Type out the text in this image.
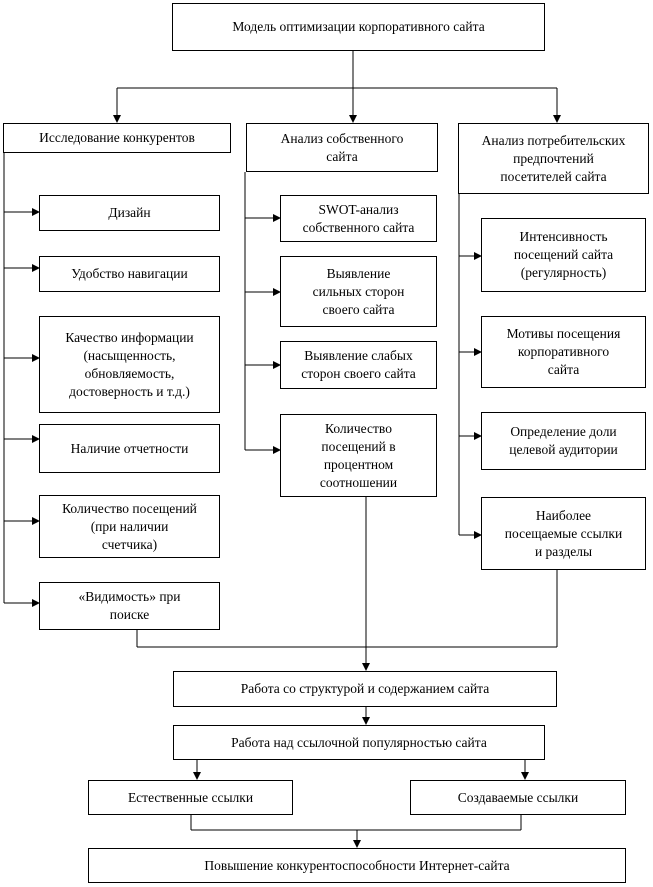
Модель оптимизации корпоративного сайта
Исследование конкурентов	Анализ собственного
сайта
Анализ потребительских
предпочтений
посетителей сайта
Дизайн
Удобство навигации
Качество информации
(насыщенность,
обновляемость,
достоверность и т.д.)
Наличие отчетности
Количество посещений
(при наличии
счетчика)
«Видимость» при
поиске
SWOT-анализ
собственного сайта
Выявление
сильных сторон
своего сайта
Выявление слабых
сторон своего сайта
Количество
посещений в
процентном
соотношении
Интенсивность
посещений сайта
(регулярность)
Мотивы посещения
корпоративного
сайта
Определение доли
целевой аудитории
Наиболее
посещаемые ссылки
и разделы
Работа со структурой и содержанием сайта
Работа над ссылочной популярностью сайта
Естественные ссылки	Создаваемые ссылки
Повышение конкурентоспособности Интернет-сайта
